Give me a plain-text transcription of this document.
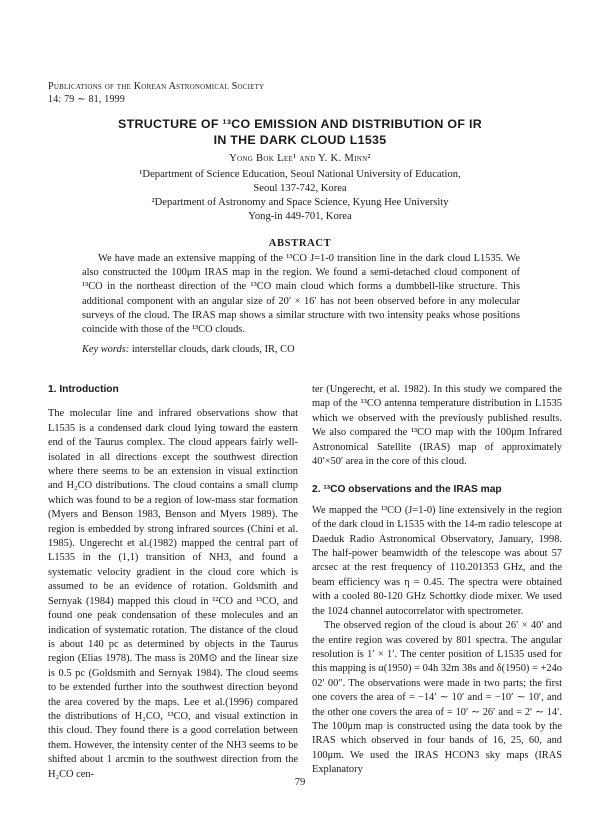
Publications of the Korean Astronomical Society
14: 79 ∼ 81, 1999
STRUCTURE OF ¹³CO EMISSION AND DISTRIBUTION OF IR
IN THE DARK CLOUD L1535
Yong Bok Lee¹ and Y. K. Minn²
¹Department of Science Education, Seoul National University of Education,
Seoul 137-742, Korea
²Department of Astronomy and Space Science, Kyung Hee University
Yong-in 449-701, Korea
ABSTRACT

We have made an extensive mapping of the ¹³CO J=1-0 transition line in the dark cloud L1535. We also constructed the 100μm IRAS map in the region. We found a semi-detached cloud component of ¹³CO in the northeast direction of the ¹³CO main cloud which forms a dumbbell-like structure. This additional component with an angular size of 20′ × 16′ has not been observed before in any molecular surveys of the cloud. The IRAS map shows a similar structure with two intensity peaks whose positions coincide with those of the ¹³CO clouds.

Key words: interstellar clouds, dark clouds, IR, CO

1. Introduction

The molecular line and infrared observations show that L1535 is a condensed dark cloud lying toward the eastern end of the Taurus complex. The cloud appears fairly well-isolated in all directions except the southwest direction where there seems to be an extension in visual extinction and H₂CO distributions. The cloud contains a small clump which was found to be a region of low-mass star formation (Myers and Benson 1983, Benson and Myers 1989). The region is embedded by strong infrared sources (Chini et al. 1985). Ungerecht et al.(1982) mapped the central part of L1535 in the (1,1) transition of NH3, and found a systematic velocity gradient in the cloud core which is assumed to be an evidence of rotation. Goldsmith and Sernyak (1984) mapped this cloud in ¹²CO and ¹³CO, and found one peak condensation of these molecules and an indication of systematic rotation. The distance of the cloud is about 140 pc as determined by objects in the Taurus region (Elias 1978). The mass is 20M⊙ and the linear size is 0.5 pc (Goldsmith and Sernyak 1984). The cloud seems to be extended further into the southwest direction beyond the area covered by the maps. Lee et al.(1996) compared the distributions of H₂CO, ¹³CO, and visual extinction in this cloud. They found there is a good correlation between them. However, the intensity center of the NH3 seems to be shifted about 1 arcmin to the southwest direction from the H₂CO cen-

ter (Ungerecht, et al. 1982). In this study we compared the map of the ¹³CO antenna temperature distribution in L1535 which we observed with the previously published results. We also compared the ¹³CO map with the 100μm Infrared Astronomical Satellite (IRAS) map of approximately 40′×50′ area in the core of this cloud.

2. ¹³CO observations and the IRAS map

We mapped the ¹³CO (J=1-0) line extensively in the region of the dark cloud in L1535 with the 14-m radio telescope at Daeduk Radio Astronomical Observatory, January, 1998. The half-power beamwidth of the telescope was about 57 arcsec at the rest frequency of 110.201353 GHz, and the beam efficiency was η = 0.45. The spectra were obtained with a cooled 80-120 GHz Schottky diode mixer. We used the 1024 channel autocorrelator with spectrometer.

The observed region of the cloud is about 26′ × 40′ and the entire region was covered by 801 spectra. The angular resolution is 1′ × 1′. The center position of L1535 used for this mapping is α(1950) = 04h 32m 38s and δ(1950) = +24o 02′ 00″. The observations were made in two parts; the first one covers the area of = −14′ ∼ 10′ and = −10′ ∼ 10′, and the other one covers the area of = 10′ ∼ 26′ and = 2′ ∼ 14′. The 100μm map is constructed using the data took by the IRAS which observed in four bands of 16, 25, 60, and 100μm. We used the IRAS HCON3 sky maps (IRAS Explanatory

79
